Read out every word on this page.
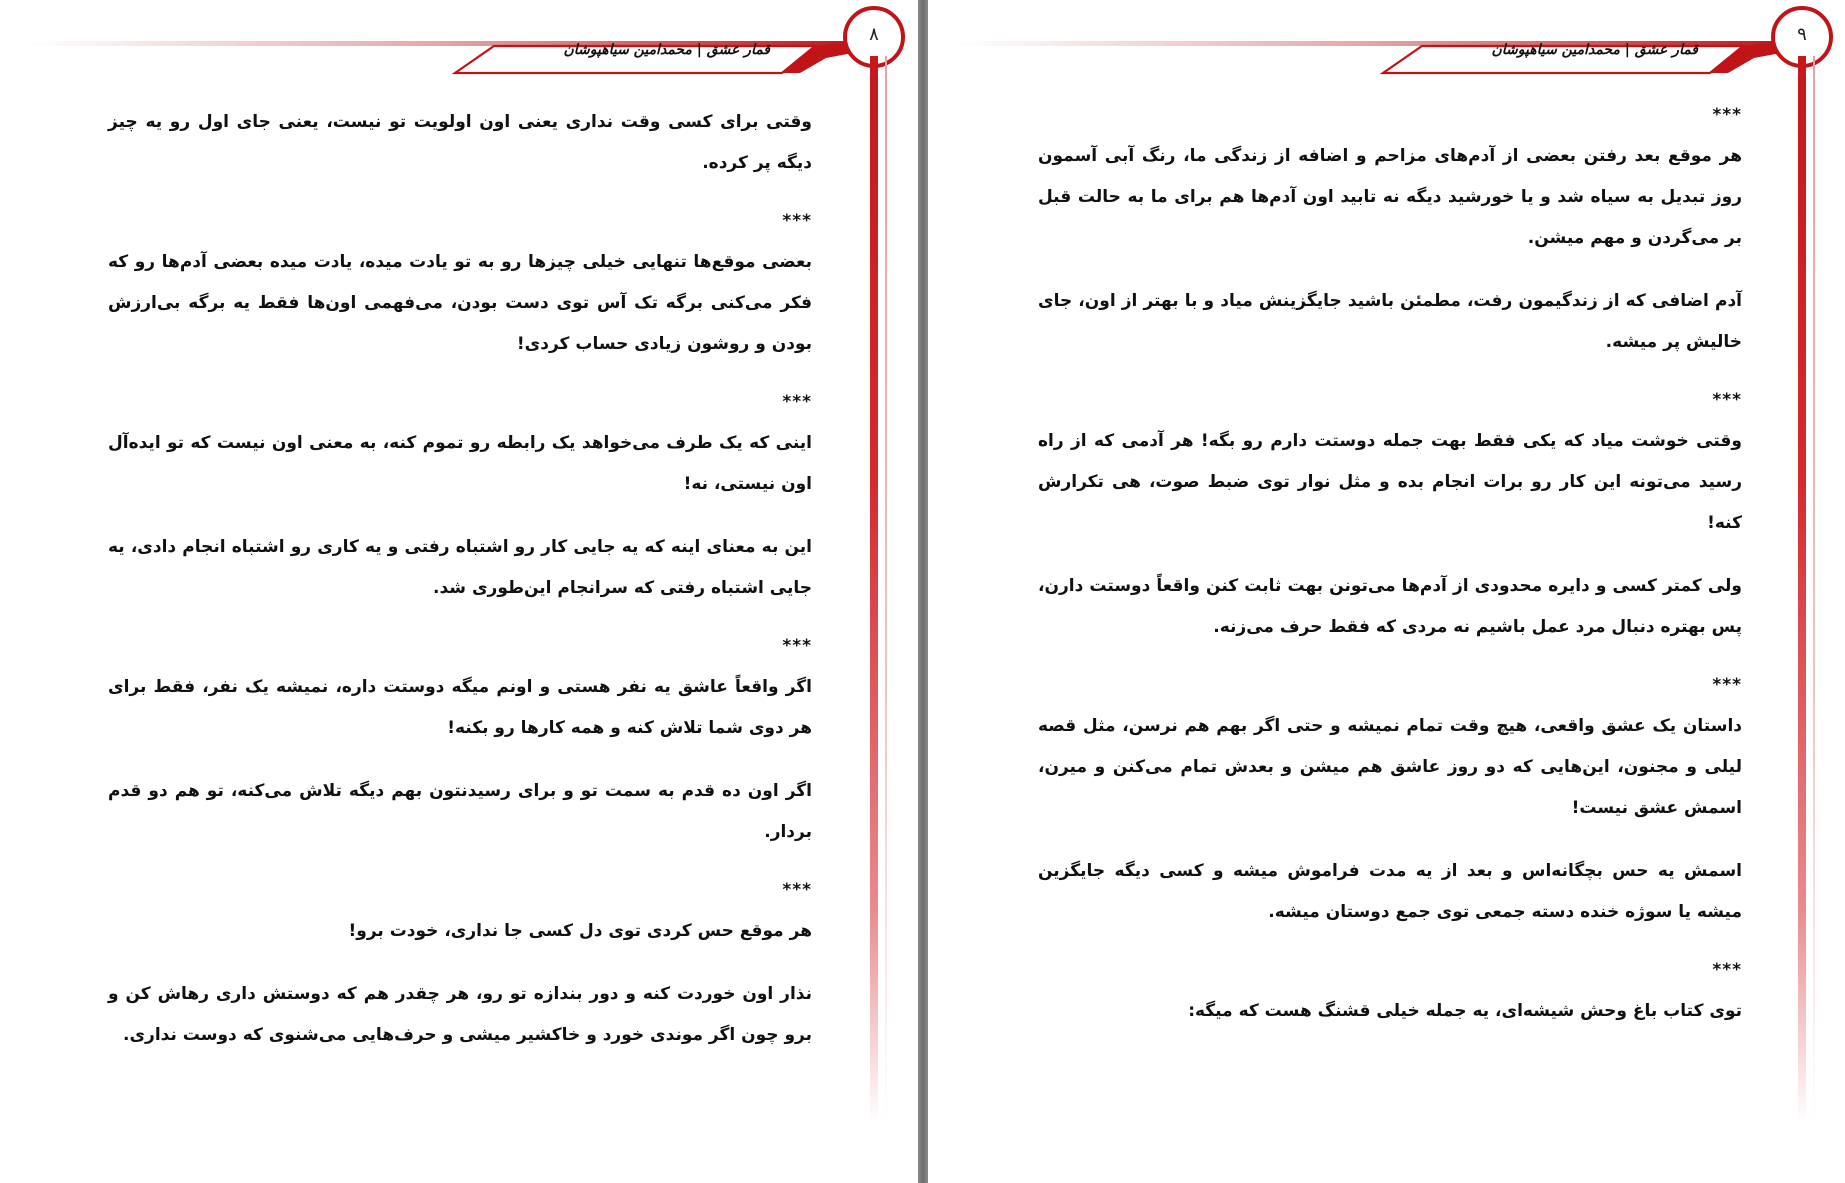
٨
قمار عشق | محمدامین سیاهپوشان

وقتی برای کسی وقت نداری یعنی اون اولویت تو نیست، یعنی جای اول رو یه چیز دیگه پر کرده.

***

بعضی موقع‌ها تنهایی خیلی چیزها رو به تو یادت میده، یادت میده بعضی آدم‌ها رو که فکر می‌کنی برگه تک آس توی دست بودن، می‌فهمی اون‌ها فقط یه برگه بی‌ارزش بودن و روشون زیادی حساب کردی!

***

اینی که یک طرف می‌خواهد یک رابطه رو تموم کنه، به معنی اون نیست که تو ایده‌آل اون نیستی، نه!

این به معنای اینه که یه جایی کار رو اشتباه رفتی و یه کاری رو اشتباه انجام دادی، یه جایی اشتباه رفتی که سرانجام این‌طوری شد.

***

اگر واقعاً عاشق یه نفر هستی و اونم میگه دوستت داره، نمیشه یک نفر، فقط برای هر دوی شما تلاش کنه و همه کارها رو بکنه!

اگر اون ده قدم به سمت تو و برای رسیدنتون بهم دیگه تلاش می‌کنه، تو هم دو قدم بردار.

***

هر موقع حس کردی توی دل کسی جا نداری، خودت برو!

نذار اون خوردت کنه و دور بندازه تو رو، هر چقدر هم که دوستش داری رهاش کن و برو چون اگر موندی خورد و خاکشیر میشی و حرف‌هایی می‌شنوی که دوست نداری.

٩
قمار عشق | محمدامین سیاهپوشان
***

هر موقع بعد رفتن بعضی از آدم‌های مزاحم و اضافه از زندگی ما، رنگ آبی آسمون روز تبدیل به سیاه شد و یا خورشید دیگه نه تابید اون آدم‌ها هم برای ما به حالت قبل بر می‌گردن و مهم میشن.

آدم اضافی که از زندگیمون رفت، مطمئن باشید جایگزینش میاد و با بهتر از اون، جای خالیش پر میشه.

***

وقتی خوشت میاد که یکی فقط بهت جمله دوستت دارم رو بگه! هر آدمی که از راه رسید می‌تونه این کار رو برات انجام بده و مثل نوار توی ضبط صوت، هی تکرارش کنه!

ولی کمتر کسی و دایره محدودی از آدم‌ها می‌تونن بهت ثابت کنن واقعاً دوستت دارن، پس بهتره دنبال مرد عمل باشیم نه مردی که فقط حرف می‌زنه.

***

داستان یک عشق واقعی، هیچ وقت تمام نمیشه و حتی اگر بهم هم نرسن، مثل قصه لیلی و مجنون، این‌هایی که دو روز عاشق هم میشن و بعدش تمام می‌کنن و میرن، اسمش عشق نیست!

اسمش یه حس بچگانه‌اس و بعد از یه مدت فراموش میشه و کسی دیگه جایگزین میشه یا سوژه خنده دسته جمعی توی جمع دوستان میشه.

***

توی کتاب باغ وحش شیشه‌ای، یه جمله خیلی قشنگ هست که میگه:
